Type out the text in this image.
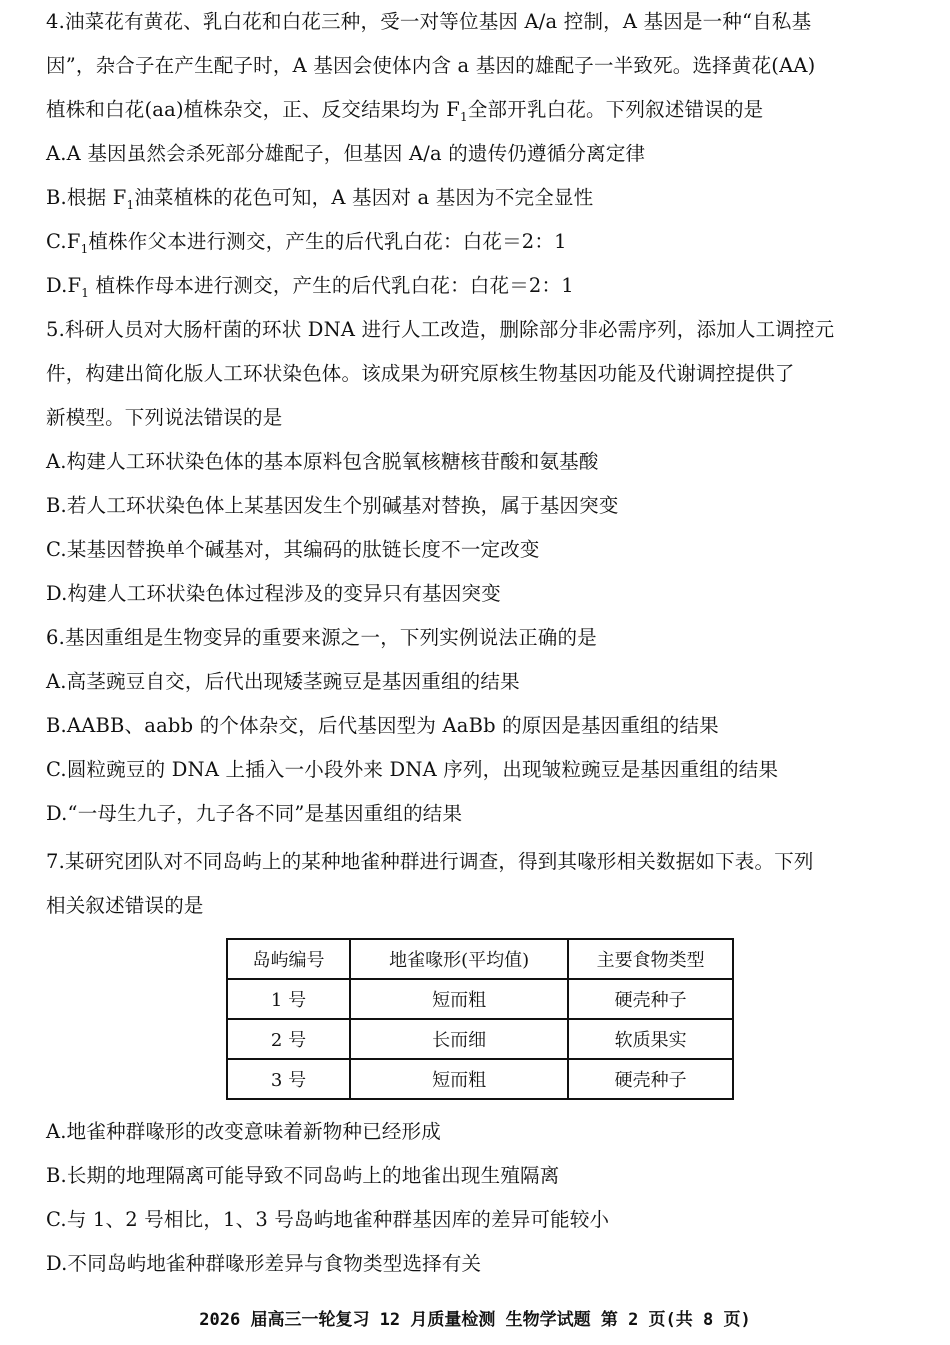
4.油菜花有黄花、乳白花和白花三种，受一对等位基因 A/a 控制，A 基因是一种“自私基
因”，杂合子在产生配子时，A 基因会使体内含 a 基因的雄配子一半致死。选择黄花(AA)
植株和白花(aa)植株杂交，正、反交结果均为 $F_1$全部开乳白花。下列叙述错误的是
A.A 基因虽然会杀死部分雄配子，但基因 A/a 的遗传仍遵循分离定律
B.根据 $F_1$油菜植株的花色可知，A 基因对 a 基因为不完全显性
$C.F_1$植株作父本进行测交，产生的后代乳白花：白花＝2：1
$D.F_1$ 植株作母本进行测交，产生的后代乳白花：白花＝2：1
5.科研人员对大肠杆菌的环状 DNA 进行人工改造，删除部分非必需序列，添加人工调控元
件，构建出简化版人工环状染色体。该成果为研究原核生物基因功能及代谢调控提供了
新模型。下列说法错误的是
A.构建人工环状染色体的基本原料包含脱氧核糖核苷酸和氨基酸
B.若人工环状染色体上某基因发生个别碱基对替换，属于基因突变
C.某基因替换单个碱基对，其编码的肽链长度不一定改变
D.构建人工环状染色体过程涉及的变异只有基因突变
6.基因重组是生物变异的重要来源之一，下列实例说法正确的是
A.高茎豌豆自交，后代出现矮茎豌豆是基因重组的结果
B.AABB、aabb 的个体杂交，后代基因型为 AaBb 的原因是基因重组的结果
C.圆粒豌豆的 DNA 上插入一小段外来 DNA 序列，出现皱粒豌豆是基因重组的结果
D.“一母生九子，九子各不同”是基因重组的结果
7.某研究团队对不同岛屿上的某种地雀种群进行调查，得到其喙形相关数据如下表。下列
相关叙述错误的是
岛屿编号	地雀喙形(平均值)	主要食物类型
1 号	短而粗	硬壳种子
2 号	长而细	软质果实
3 号	短而粗	硬壳种子
A.地雀种群喙形的改变意味着新物种已经形成
B.长期的地理隔离可能导致不同岛屿上的地雀出现生殖隔离
C.与 1、2 号相比，1、3 号岛屿地雀种群基因库的差异可能较小
D.不同岛屿地雀种群喙形差异与食物类型选择有关
2026 届高三一轮复习 12 月质量检测 生物学试题 第 2 页(共 8 页)
